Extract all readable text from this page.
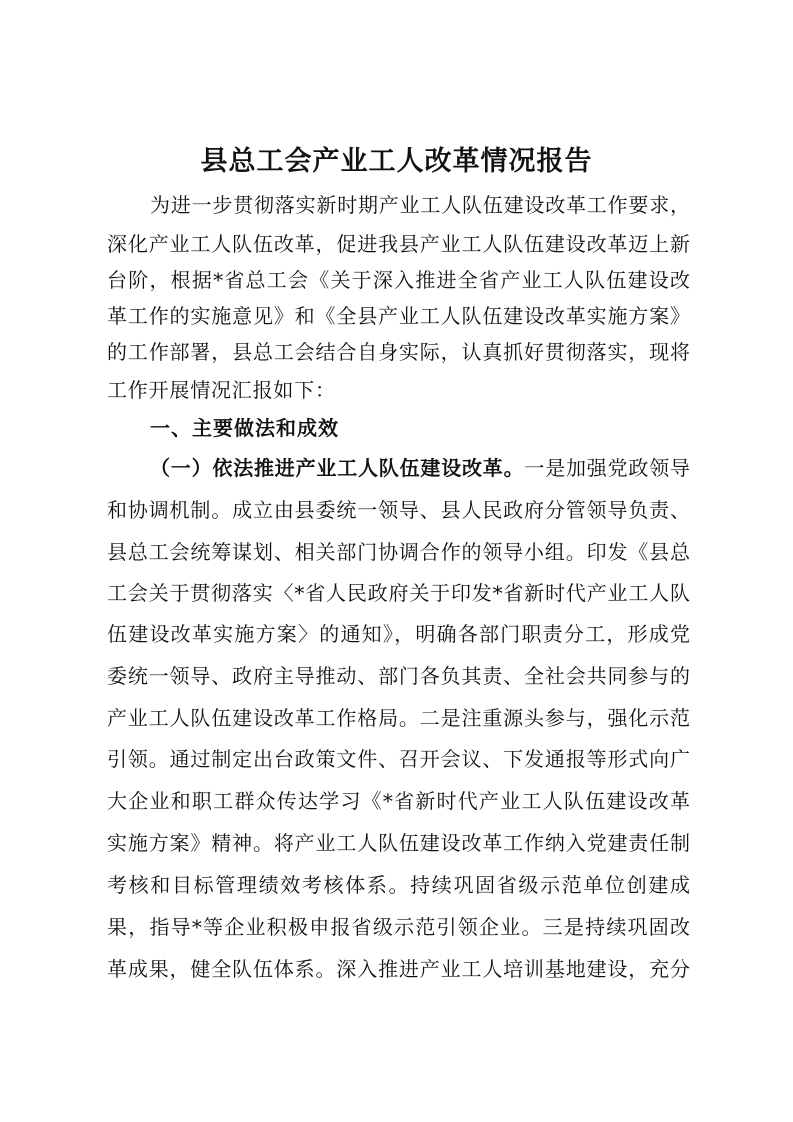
县总工会产业工人改革情况报告
为进一步贯彻落实新时期产业工人队伍建设改革工作要求，
深化产业工人队伍改革，促进我县产业工人队伍建设改革迈上新
台阶，根据*省总工会《关于深入推进全省产业工人队伍建设改
革工作的实施意见》和《全县产业工人队伍建设改革实施方案》
的工作部署，县总工会结合自身实际，认真抓好贯彻落实，现将
工作开展情况汇报如下：
一、主要做法和成效
（一）依法推进产业工人队伍建设改革。一是加强党政领导
和协调机制。成立由县委统一领导、县人民政府分管领导负责、
县总工会统筹谋划、相关部门协调合作的领导小组。印发《县总
工会关于贯彻落实〈*省人民政府关于印发*省新时代产业工人队
伍建设改革实施方案〉的通知》，明确各部门职责分工，形成党
委统一领导、政府主导推动、部门各负其责、全社会共同参与的
产业工人队伍建设改革工作格局。二是注重源头参与，强化示范
引领。通过制定出台政策文件、召开会议、下发通报等形式向广
大企业和职工群众传达学习《*省新时代产业工人队伍建设改革
实施方案》精神。将产业工人队伍建设改革工作纳入党建责任制
考核和目标管理绩效考核体系。持续巩固省级示范单位创建成
果，指导*等企业积极申报省级示范引领企业。三是持续巩固改
革成果，健全队伍体系。深入推进产业工人培训基地建设，充分
